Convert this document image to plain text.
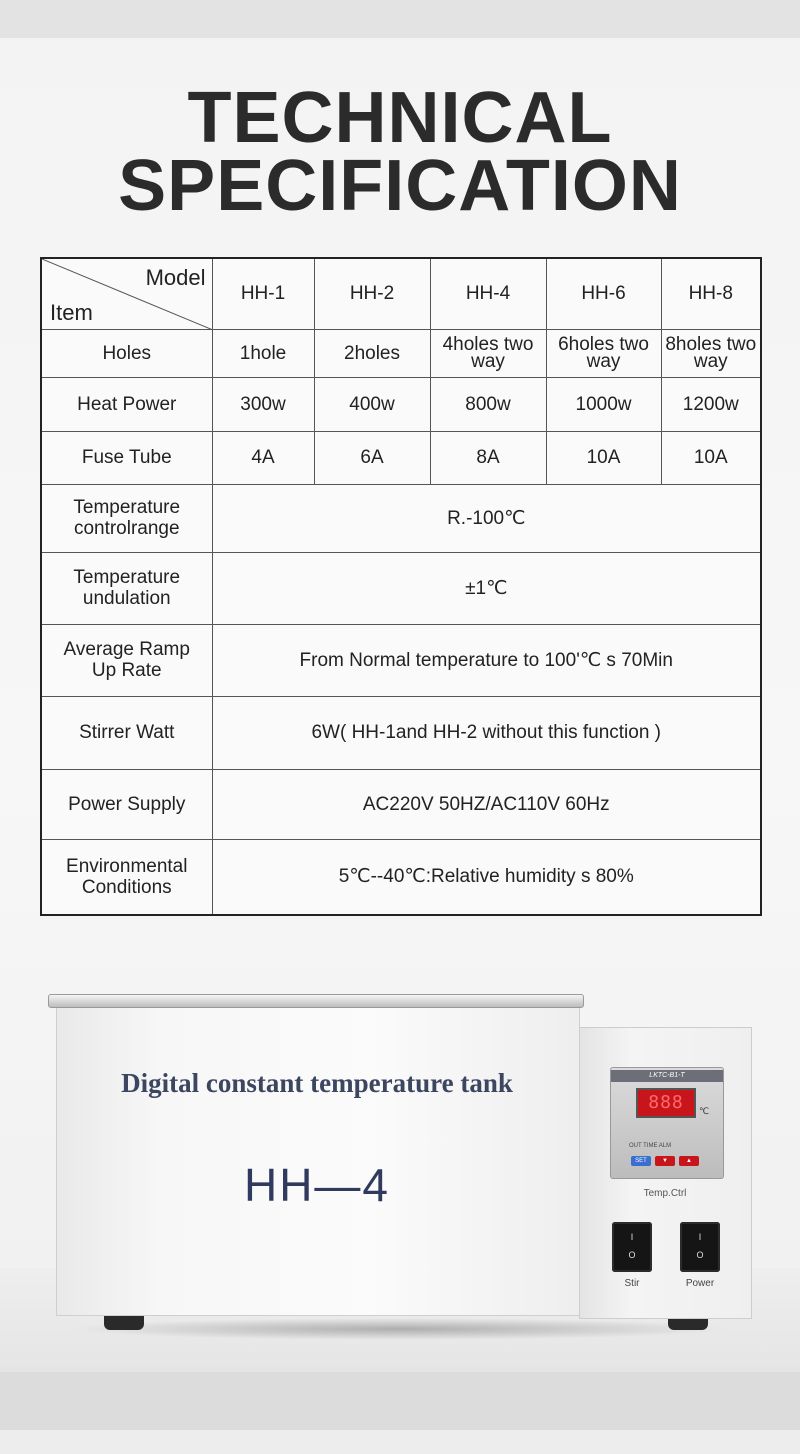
TECHNICAL
SPECIFICATION
Model
Item	HH-1	HH-2	HH-4	HH-6	HH-8
Holes	1hole	2holes	4holes two way	6holes two way	8holes two way
Heat Power	300w	400w	800w	1000w	1200w
Fuse Tube	4A	6A	8A	10A	10A
Temperature controlrange	R.-100℃				
Temperature undulation	±1℃				
Average Ramp Up Rate	From Normal temperature to 100'℃ s 70Min				
Stirrer Watt	6W( HH-1and HH-2 without this function )				
Power Supply	AC220V 50HZ/AC110V 60Hz				
Environmental Conditions	5℃--40℃:Relative humidity s 80%				
Digital constant temperature tank
HH—4
LKTC-B1-T
888	℃
OUT TIME ALM
SET	▼	▲
Temp.Ctrl
I
O
I
O
Stir	Power
